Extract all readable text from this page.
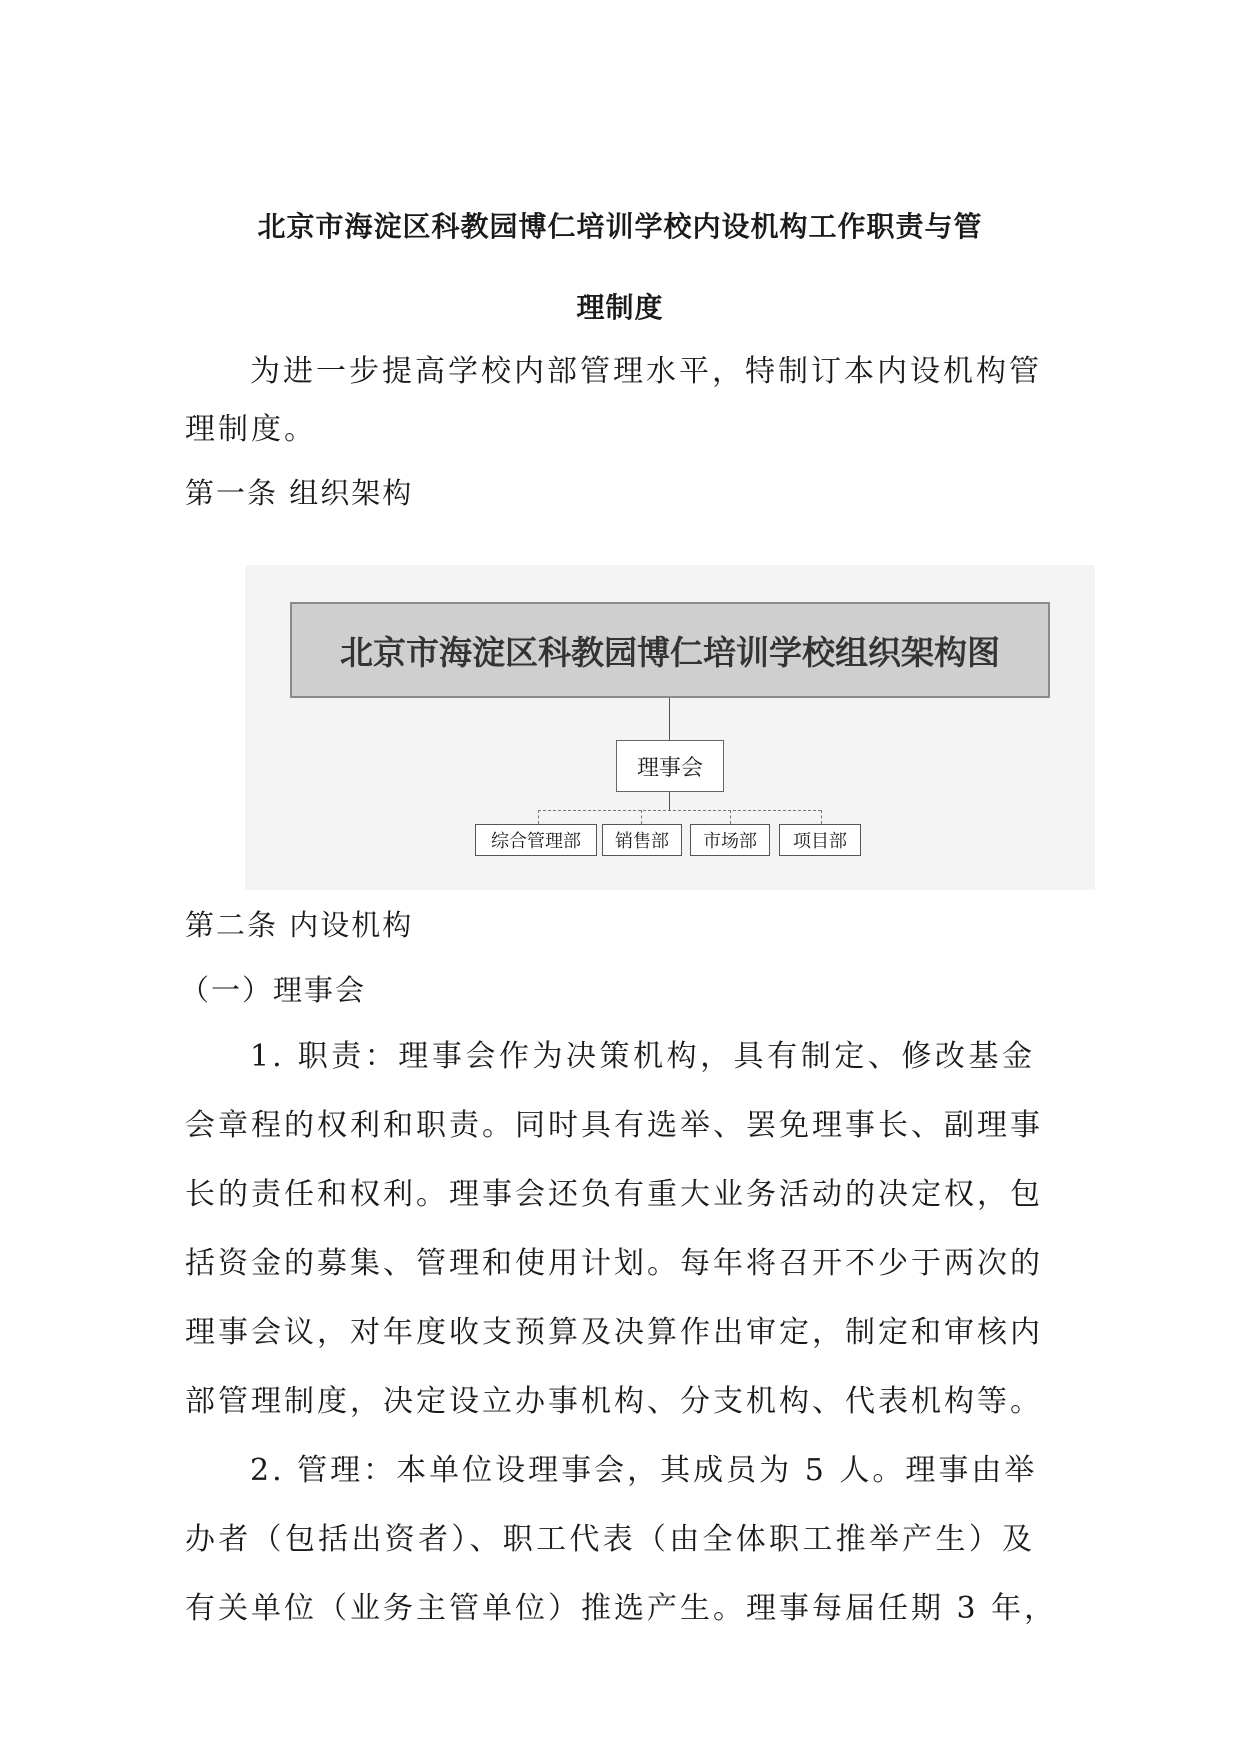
北京市海淀区科教园博仁培训学校内设机构工作职责与管
理制度
为进一步提高学校内部管理水平，特制订本内设机构管
理制度。
第一条 组织架构
北京市海淀区科教园博仁培训学校组织架构图
理事会
综合管理部	销售部	市场部	项目部
第二条 内设机构
（一）理事会
1. 职责：理事会作为决策机构，具有制定、修改基金
会章程的权利和职责。同时具有选举、罢免理事长、副理事
长的责任和权利。理事会还负有重大业务活动的决定权，包
括资金的募集、管理和使用计划。每年将召开不少于两次的
理事会议，对年度收支预算及决算作出审定，制定和审核内
部管理制度，决定设立办事机构、分支机构、代表机构等。
2. 管理：本单位设理事会，其成员为 5 人。理事由举
办者（包括出资者）、职工代表（由全体职工推举产生）及
有关单位（业务主管单位）推选产生。理事每届任期 3 年，
